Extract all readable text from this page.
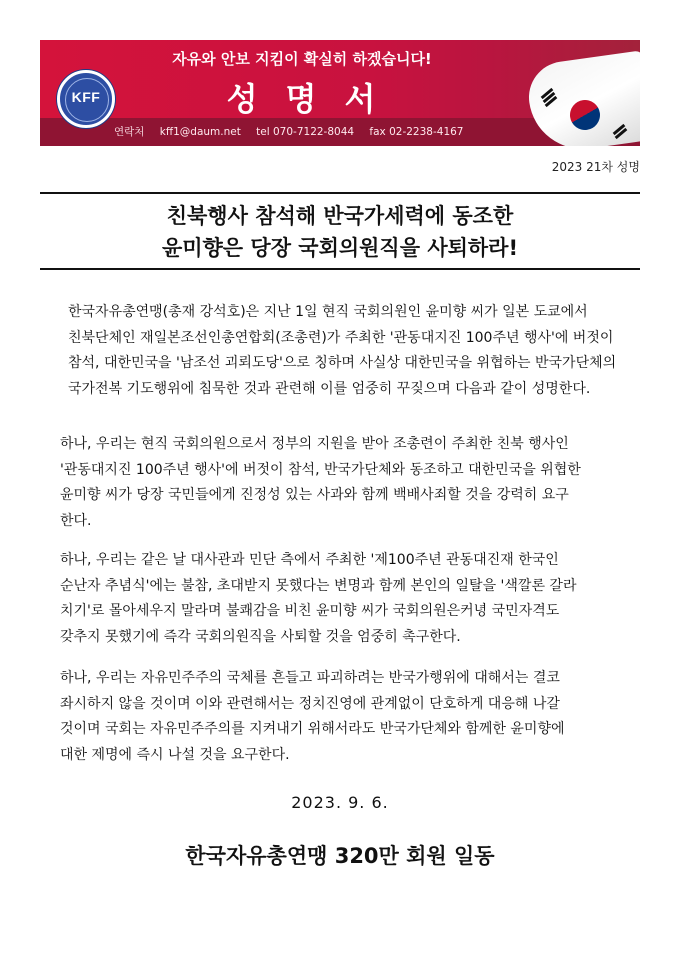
KFF
자유와 안보 지킴이 확실히 하겠습니다!
성명서
연락처 kff1@daum.net tel 070-7122-8044 fax 02-2238-4167
2023 21차 성명
친북행사 참석해 반국가세력에 동조한
윤미향은 당장 국회의원직을 사퇴하라!
한국자유총연맹(총재 강석호)은 지난 1일 현직 국회의원인 윤미향 씨가 일본 도쿄에서
친북단체인 재일본조선인총연합회(조총련)가 주최한 '관동대지진 100주년 행사'에 버젓이
참석, 대한민국을 '남조선 괴뢰도당'으로 칭하며 사실상 대한민국을 위협하는 반국가단체의
국가전복 기도행위에 침묵한 것과 관련해 이를 엄중히 꾸짖으며 다음과 같이 성명한다.
하나, 우리는 현직 국회의원으로서 정부의 지원을 받아 조총련이 주최한 친북 행사인
'관동대지진 100주년 행사'에 버젓이 참석, 반국가단체와 동조하고 대한민국을 위협한
윤미향 씨가 당장 국민들에게 진정성 있는 사과와 함께 백배사죄할 것을 강력히 요구
한다.
하나, 우리는 같은 날 대사관과 민단 측에서 주최한 '제100주년 관동대진재 한국인
순난자 추념식'에는 불참, 초대받지 못했다는 변명과 함께 본인의 일탈을 '색깔론 갈라
치기'로 몰아세우지 말라며 불쾌감을 비친 윤미향 씨가 국회의원은커녕 국민자격도
갖추지 못했기에 즉각 국회의원직을 사퇴할 것을 엄중히 촉구한다.
하나, 우리는 자유민주주의 국체를 흔들고 파괴하려는 반국가행위에 대해서는 결코
좌시하지 않을 것이며 이와 관련해서는 정치진영에 관계없이 단호하게 대응해 나갈
것이며 국회는 자유민주주의를 지켜내기 위해서라도 반국가단체와 함께한 윤미향에
대한 제명에 즉시 나설 것을 요구한다.
2023. 9. 6.
한국자유총연맹 320만 회원 일동
